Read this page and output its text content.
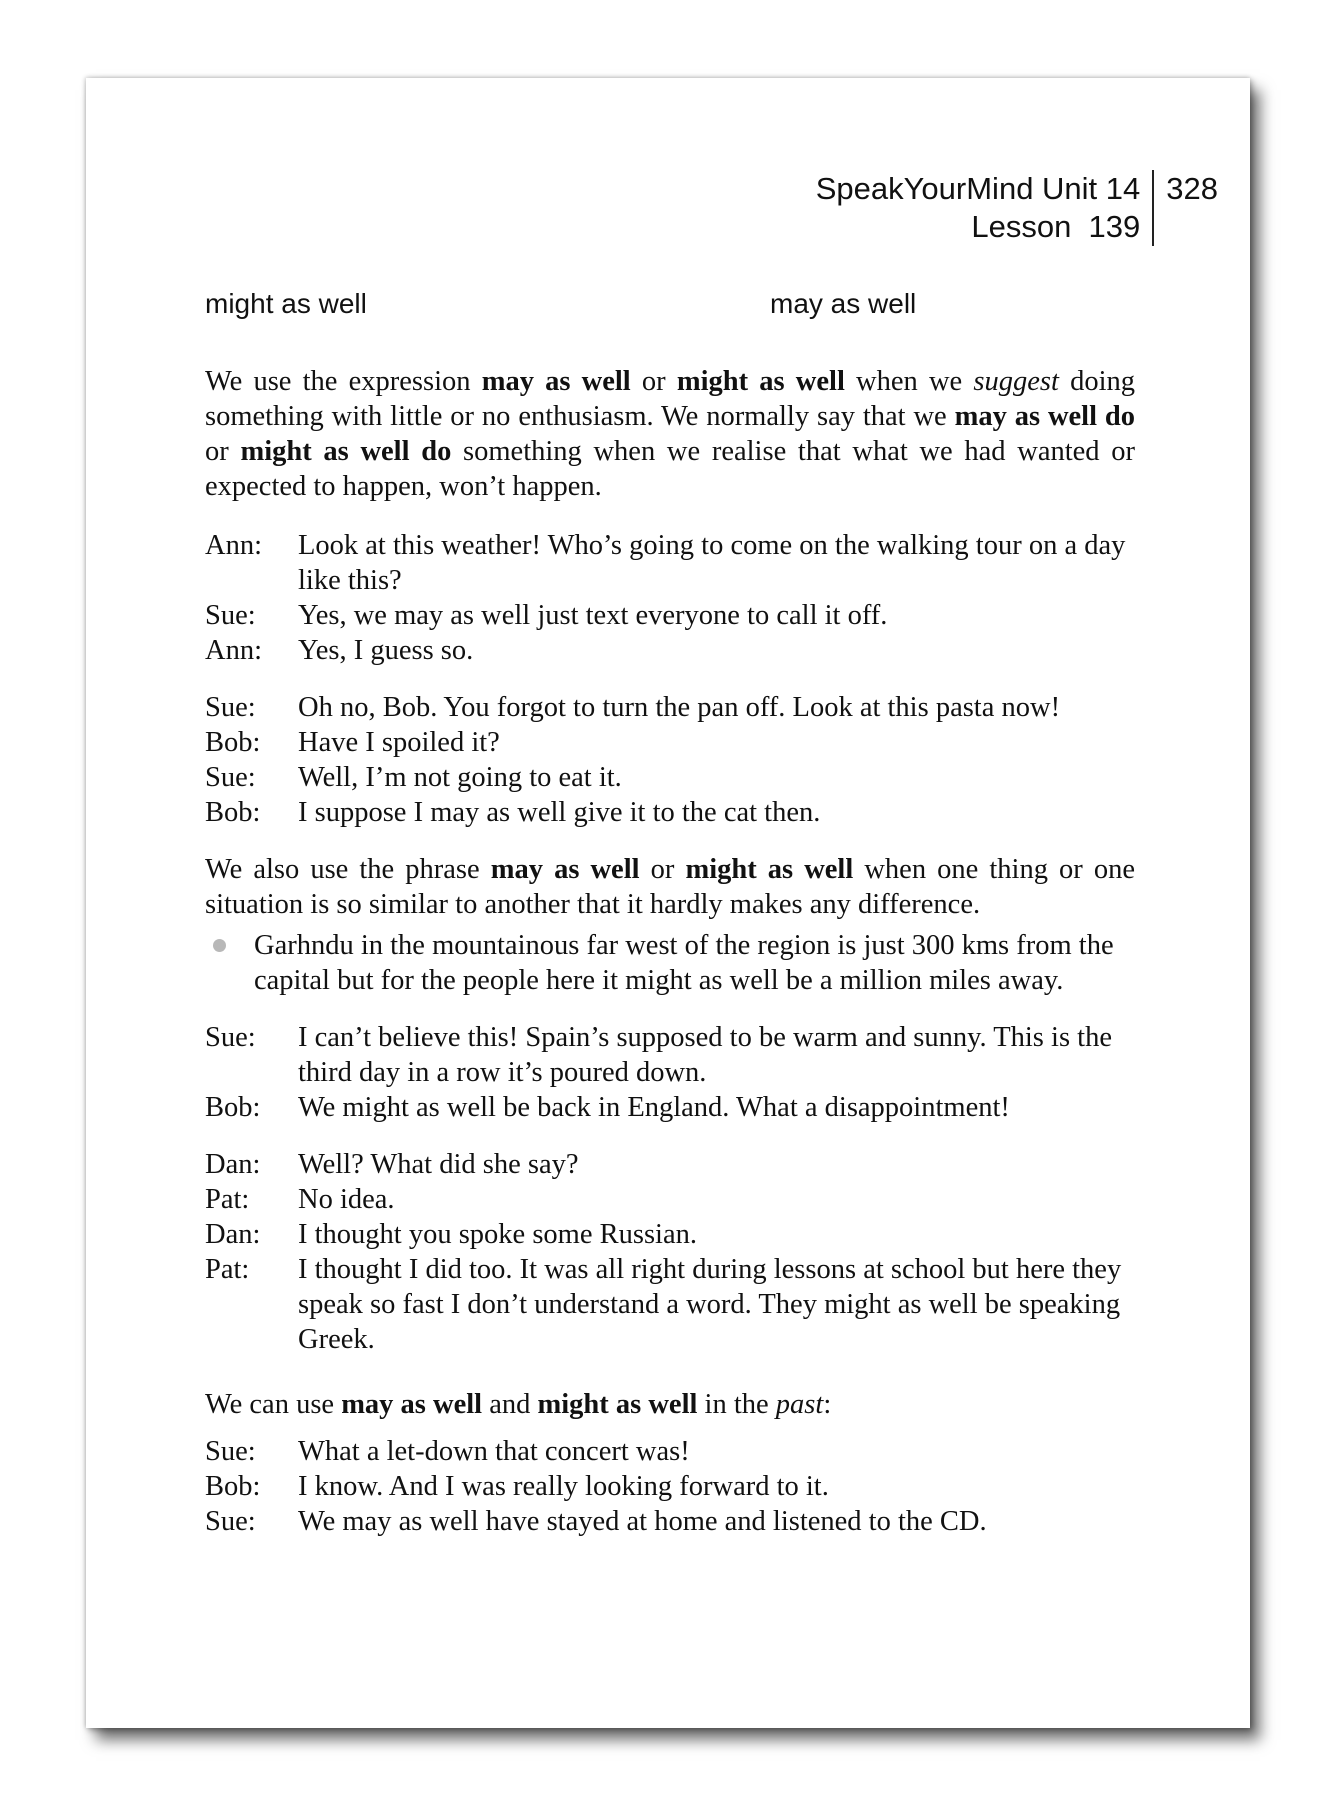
SpeakYourMind Unit 14
Lesson  139
328
might as well	may as well

We use the expression may as well or might as well when we suggest doing something with little or no enthusiasm. We normally say that we may as well do or might as well do something when we realise that what we had wanted or expected to happen, won’t happen.

Ann:	Look at this weather! Who’s going to come on the walking tour on a day like this?
Sue:	Yes, we may as well just text everyone to call it off.
Ann:	Yes, I guess so.
Sue:	Oh no, Bob. You forgot to turn the pan off. Look at this pasta now!
Bob:	Have I spoiled it?
Sue:	Well, I’m not going to eat it.
Bob:	I suppose I may as well give it to the cat then.

We also use the phrase may as well or might as well when one thing or one situation is so similar to another that it hardly makes any difference.

Garhndu in the mountainous far west of the region is just 300 kms from the capital but for the people here it might as well be a million miles away.
Sue:	I can’t believe this! Spain’s supposed to be warm and sunny. This is the third day in a row it’s poured down.
Bob:	We might as well be back in England. What a disappointment!
Dan:	Well? What did she say?
Pat:	No idea.
Dan:	I thought you spoke some Russian.
Pat:	I thought I did too. It was all right during lessons at school but here they speak so fast I don’t understand a word. They might as well be speaking Greek.

We can use may as well and might as well in the past:

Sue:	What a let-down that concert was!
Bob:	I know. And I was really looking forward to it.
Sue:	We may as well have stayed at home and listened to the CD.
